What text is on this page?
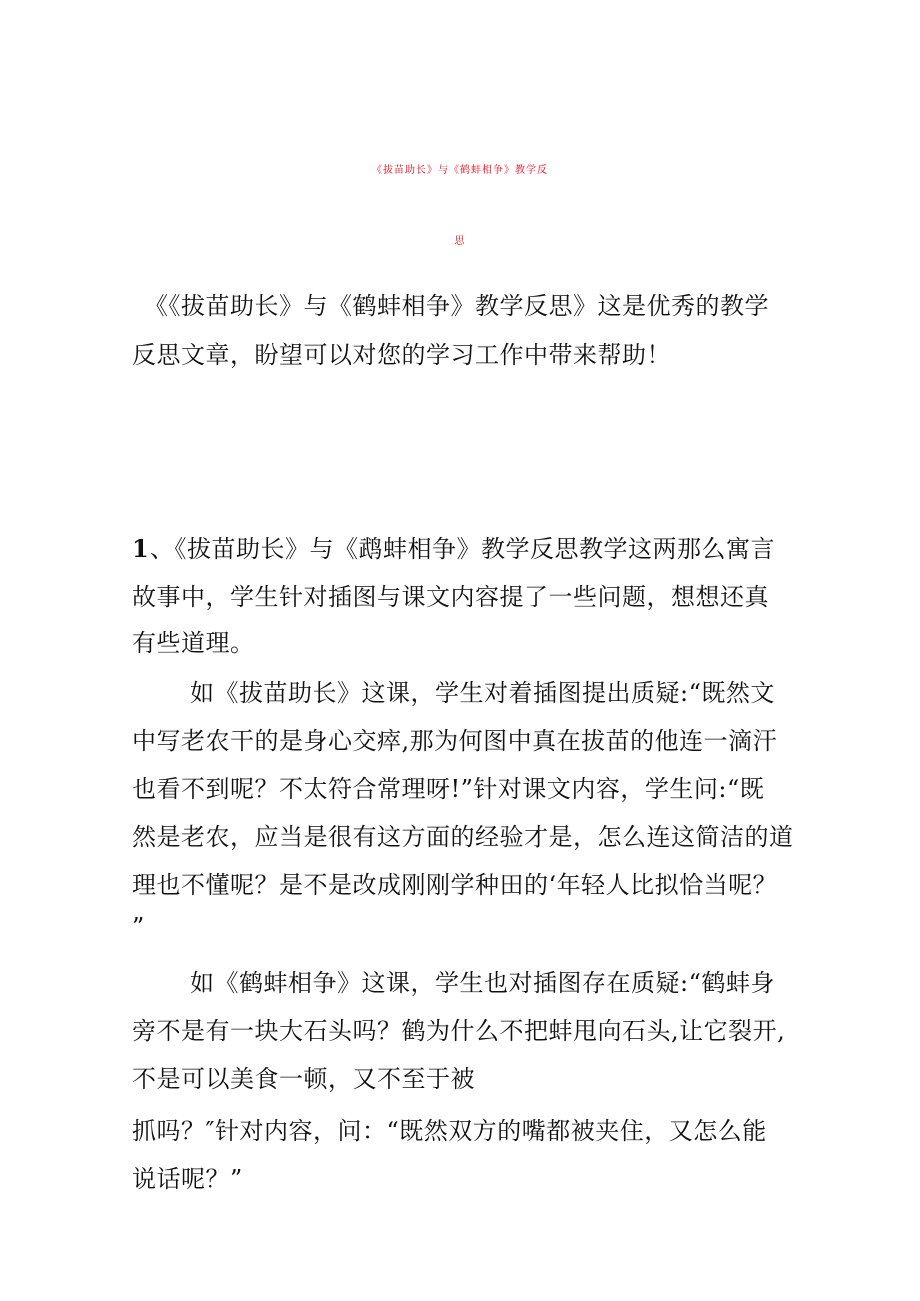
《拔苗助长》与《鹤蚌相争》教学反
思
《《拔苗助长》与《鹤蚌相争》教学反思》这是优秀的教学
反思文章，盼望可以对您的学习工作中带来帮助！
1 、《拔苗助长》与《鹉蚌相争》教学反思教学这两那么寓言
故事中，学生针对插图与课文内容提了一些问题，想想还真
有些道理。
如《拔苗助长》这课，学生对着插图提出质疑:“既然文
中写老农干的是身心交瘁,那为何图中真在拔苗的他连一滴汗
也看不到呢？不太符合常理呀!”针对课文内容，学生问:“既
然是老农，应当是很有这方面的经验才是，怎么连这简洁的道
理也不懂呢？是不是改成刚刚学种田的‘年轻人比拟恰当呢？
”
如《鹤蚌相争》这课，学生也对插图存在质疑:“鹤蚌身
旁不是有一块大石头吗？鹤为什么不把蚌甩向石头,让它裂开,
不是可以美食一顿，又不至于被
抓吗？″针对内容，问：“既然双方的嘴都被夹住，又怎么能
说话呢？”
